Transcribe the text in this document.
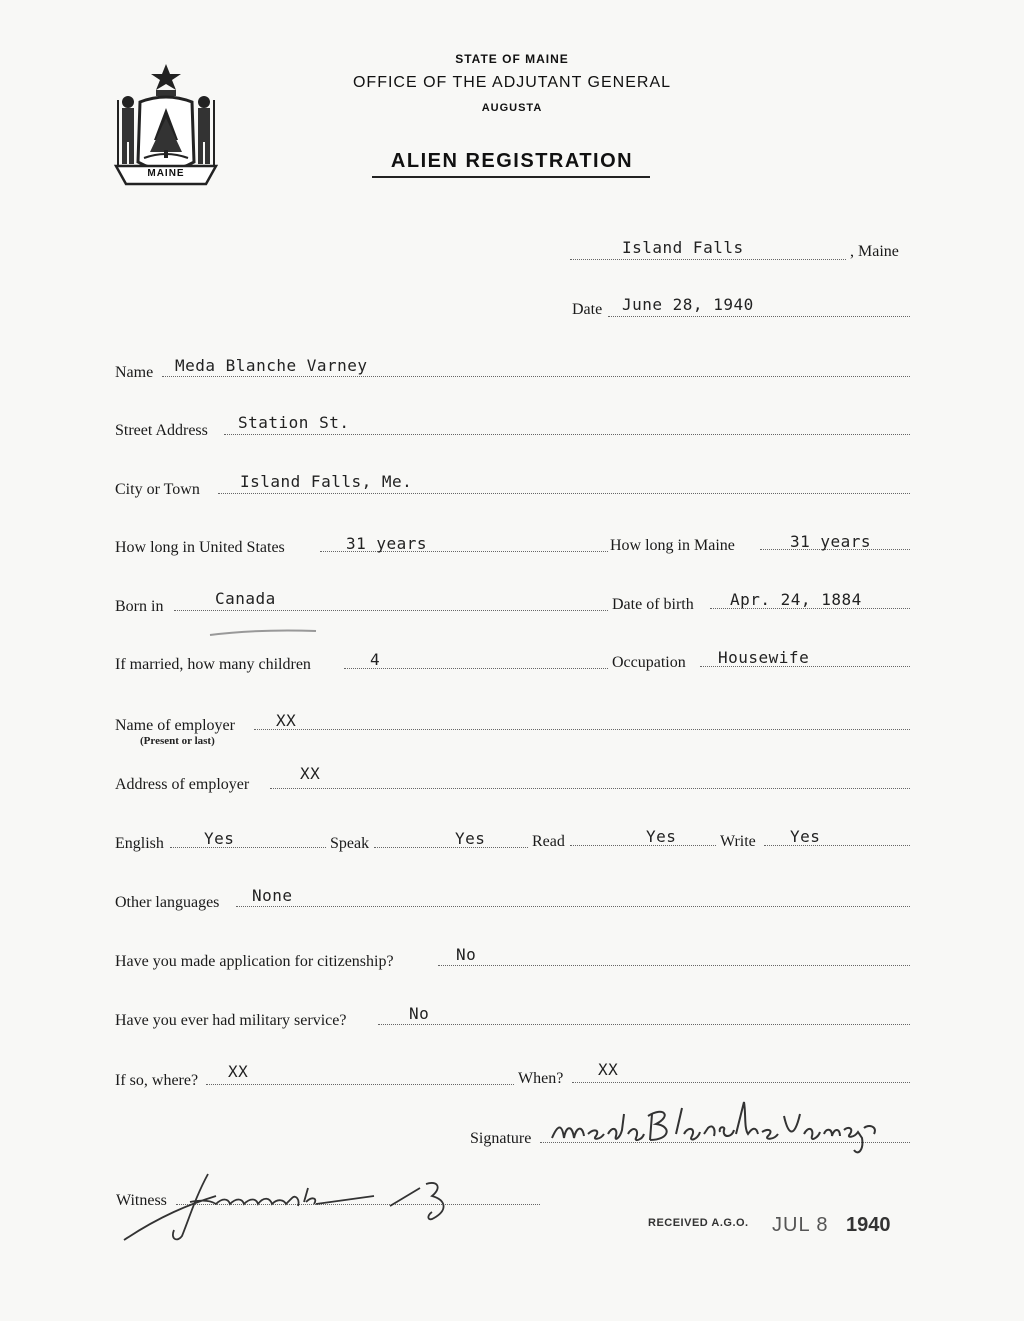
MAINE
STATE OF MAINE
OFFICE OF THE ADJUTANT GENERAL
AUGUSTA
ALIEN REGISTRATION
Island Falls	, Maine
Date June 28, 1940
Name Meda Blanche Varney
Street Address Station St.
City or Town	Island Falls, Me.
How long in United States	31 years	How long in Maine	31 years
Born in	Canada	Date of birth Apr. 24, 1884
If married, how many children	4	Occupation Housewife
Name of employer
(Present or last)
XX
Address of employer
XX
English	Yes	Speak	Yes	Read	Yes	Write Yes
Other languages None
Have you made application for citizenship?	No
Have you ever had military service?	No
If so, where? XX	When? XX
Signature
Witness
RECEIVED A.G.O. JUL 8 1940
